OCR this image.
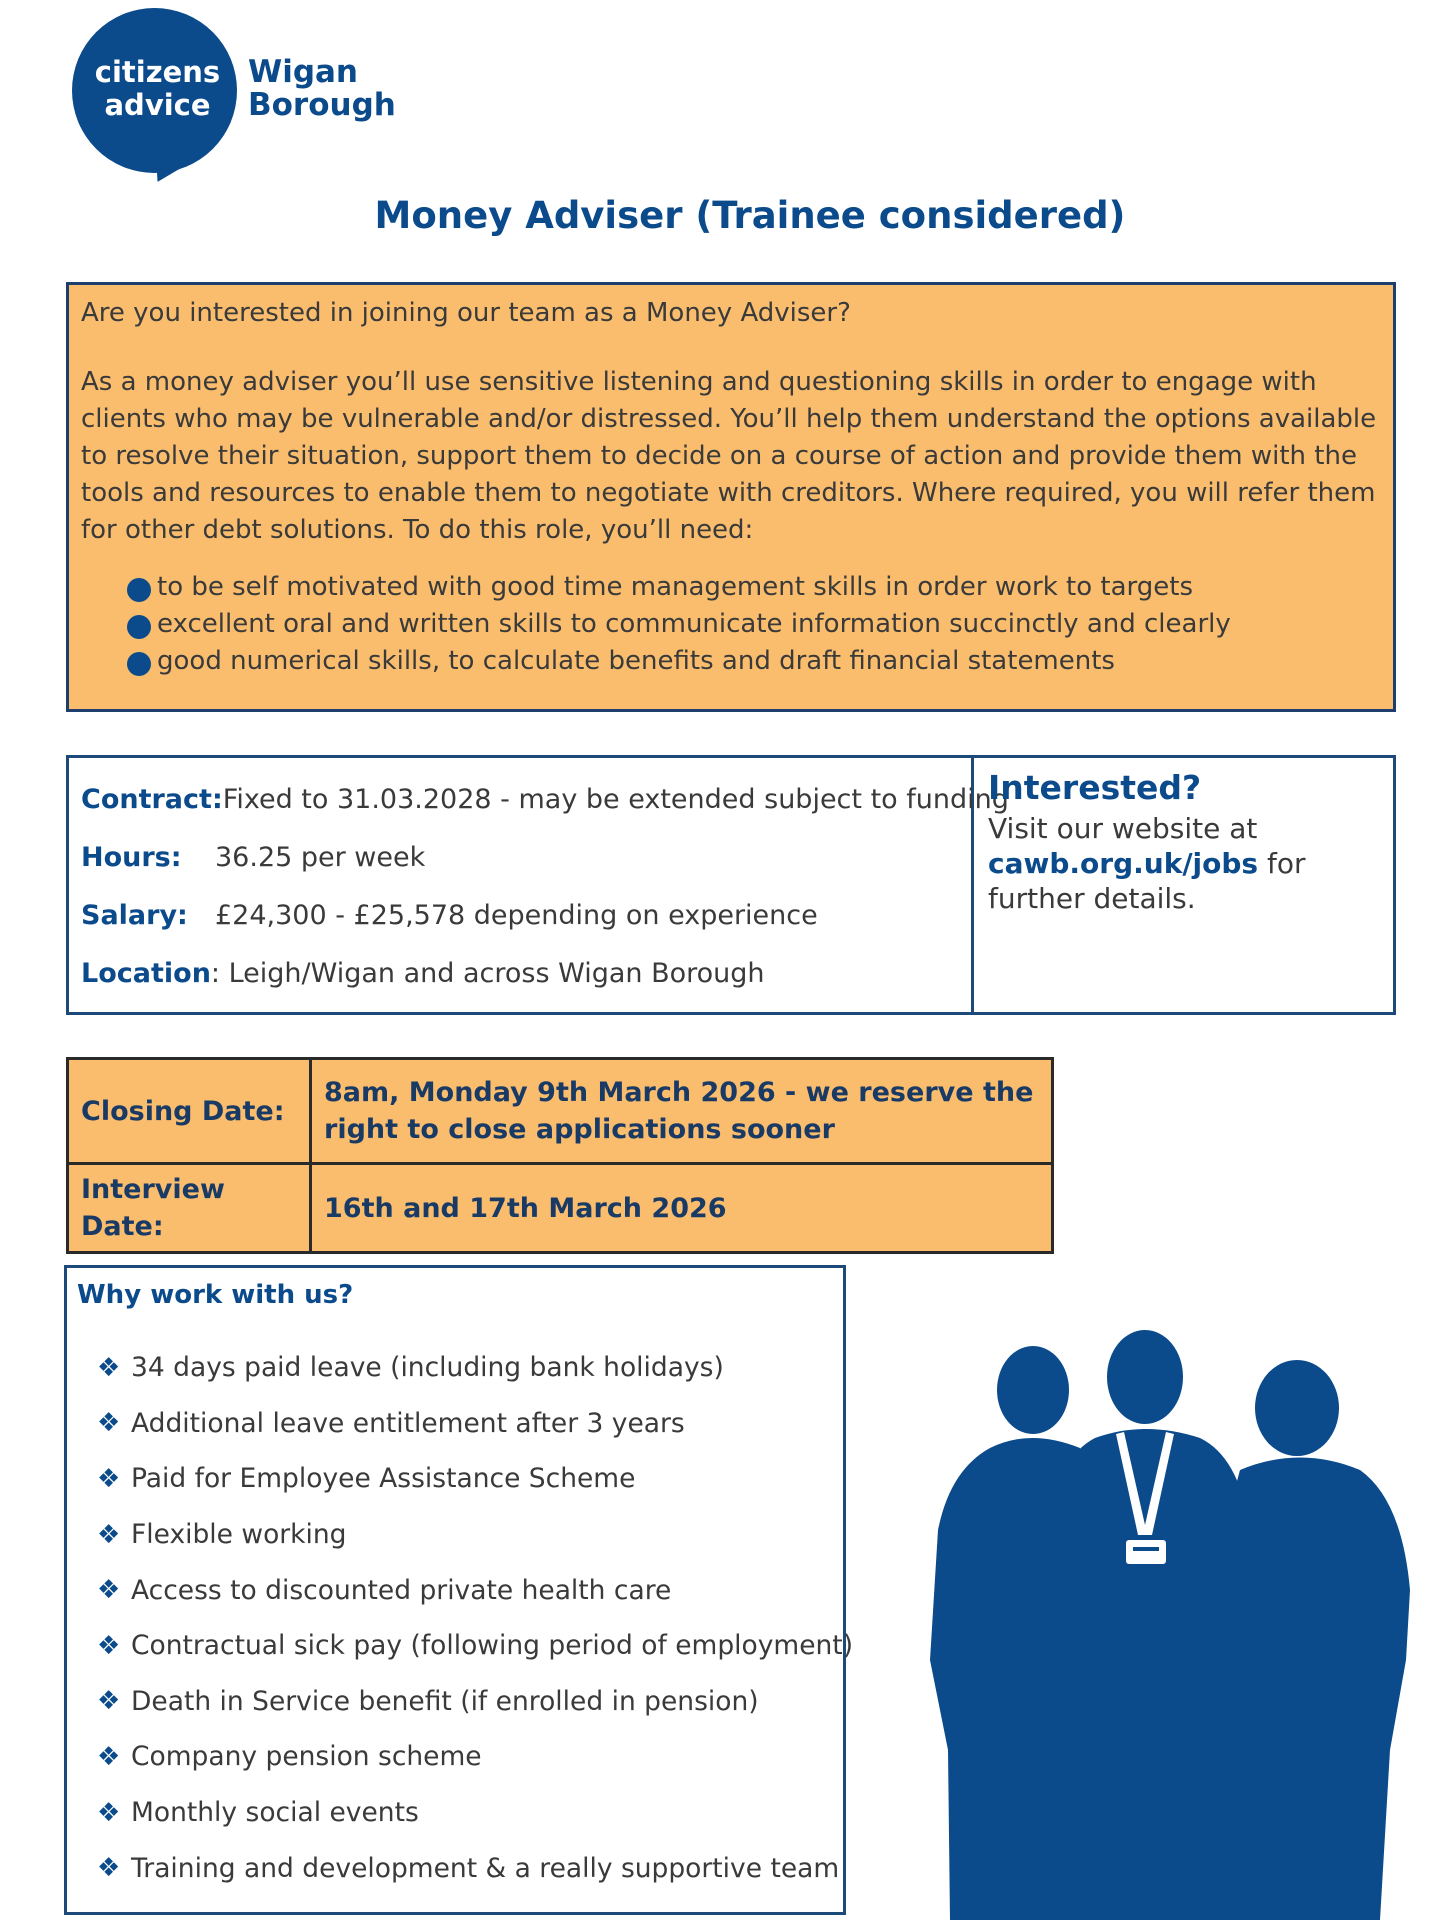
citizens
advice
Wigan
Borough
Money Adviser (Trainee considered)

Are you interested in joining our team as a Money Adviser?

As a money adviser you’ll use sensitive listening and questioning skills in order to engage with clients who may be vulnerable and/or distressed. You’ll help them understand the options available to resolve their situation, support them to decide on a course of action and provide them with the tools and resources to enable them to negotiate with creditors. Where required, you will refer them for other debt solutions. To do this role, you’ll need:

to be self motivated with good time management skills in order work to targets
excellent oral and written skills to communicate information succinctly and clearly
good numerical skills, to calculate benefits and draft financial statements
Contract: Fixed to 31.03.2028 - may be extended subject to funding
Hours:	36.25 per week
Salary:	£24,300 - £25,578 depending on experience
Location : Leigh/Wigan and across Wigan Borough
Interested?
Visit our website at
cawb.org.uk/jobs for further details.
Closing Date:	8am, Monday 9th March 2026 - we reserve the right to close applications sooner
Interview Date:	16th and 17th March 2026
Why work with us?
❖ 34 days paid leave (including bank holidays)
❖ Additional leave entitlement after 3 years
❖ Paid for Employee Assistance Scheme
❖ Flexible working
❖ Access to discounted private health care
❖ Contractual sick pay (following period of employment)
❖ Death in Service benefit (if enrolled in pension)
❖ Company pension scheme
❖ Monthly social events
❖ Training and development & a really supportive team
